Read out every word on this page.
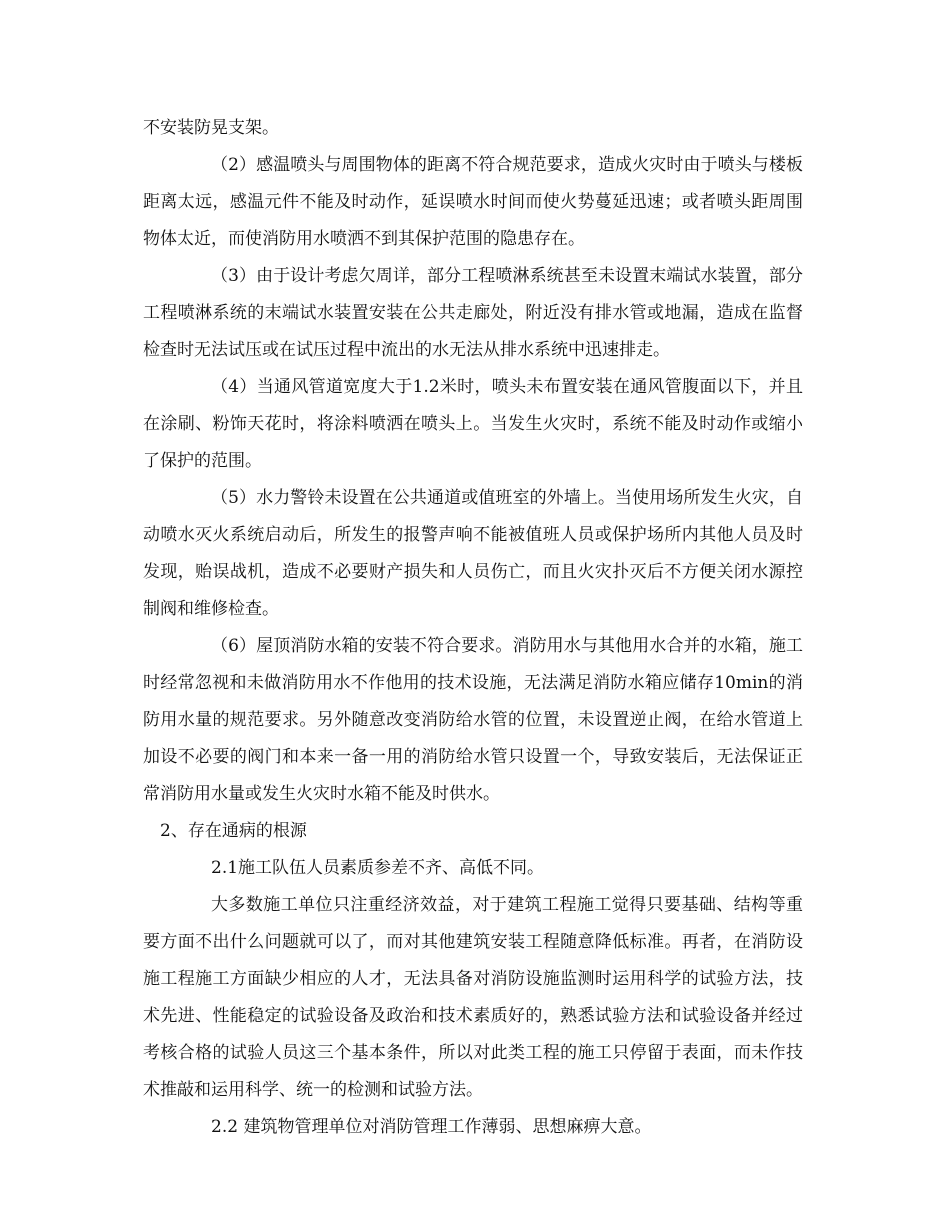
不安装防晃支架。

（2）感温喷头与周围物体的距离不符合规范要求，造成火灾时由于喷头与楼板距离太远，感温元件不能及时动作，延误喷水时间而使火势蔓延迅速；或者喷头距周围物体太近，而使消防用水喷洒不到其保护范围的隐患存在。

（3）由于设计考虑欠周详，部分工程喷淋系统甚至未设置末端试水装置，部分工程喷淋系统的末端试水装置安装在公共走廊处，附近没有排水管或地漏，造成在监督检查时无法试压或在试压过程中流出的水无法从排水系统中迅速排走。

（4）当通风管道宽度大于1.2米时，喷头未布置安装在通风管腹面以下，并且在涂刷、粉饰天花时，将涂料喷洒在喷头上。当发生火灾时，系统不能及时动作或缩小了保护的范围。

（5）水力警铃未设置在公共通道或值班室的外墙上。当使用场所发生火灾，自动喷水灭火系统启动后，所发生的报警声响不能被值班人员或保护场所内其他人员及时发现，贻误战机，造成不必要财产损失和人员伤亡，而且火灾扑灭后不方便关闭水源控制阀和维修检查。

（6）屋顶消防水箱的安装不符合要求。消防用水与其他用水合并的水箱，施工时经常忽视和未做消防用水不作他用的技术设施，无法满足消防水箱应储存10min的消防用水量的规范要求。另外随意改变消防给水管的位置，未设置逆止阀，在给水管道上加设不必要的阀门和本来一备一用的消防给水管只设置一个，导致安装后，无法保证正常消防用水量或发生火灾时水箱不能及时供水。

2、存在通病的根源

2.1施工队伍人员素质参差不齐、高低不同。

大多数施工单位只注重经济效益，对于建筑工程施工觉得只要基础、结构等重要方面不出什么问题就可以了，而对其他建筑安装工程随意降低标准。再者，在消防设施工程施工方面缺少相应的人才，无法具备对消防设施监测时运用科学的试验方法，技术先进、性能稳定的试验设备及政治和技术素质好的，熟悉试验方法和试验设备并经过考核合格的试验人员这三个基本条件，所以对此类工程的施工只停留于表面，而未作技术推敲和运用科学、统一的检测和试验方法。

2.2 建筑物管理单位对消防管理工作薄弱、思想麻痹大意。
